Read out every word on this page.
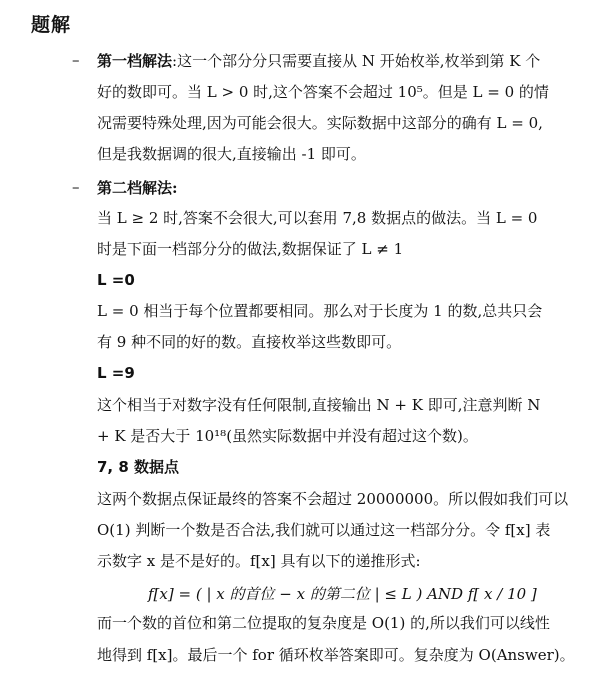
题解
– 第一档解法:这一个部分分只需要直接从 N 开始枚举,枚举到第 K 个
好的数即可。当 L > 0 时,这个答案不会超过 10⁵。但是 L = 0 的情
况需要特殊处理,因为可能会很大。实际数据中这部分的确有 L = 0,
但是我数据调的很大,直接输出 -1 即可。
– 第二档解法:
当 L ≥ 2 时,答案不会很大,可以套用 7,8 数据点的做法。当 L = 0
时是下面一档部分分的做法,数据保证了 L ≠ 1
L =0
L = 0 相当于每个位置都要相同。那么对于长度为 1 的数,总共只会
有 9 种不同的好的数。直接枚举这些数即可。
L =9
这个相当于对数字没有任何限制,直接输出 N + K 即可,注意判断 N
+ K 是否大于 10¹⁸(虽然实际数据中并没有超过这个数)。
7, 8 数据点
这两个数据点保证最终的答案不会超过 20000000。所以假如我们可以
O(1) 判断一个数是否合法,我们就可以通过这一档部分分。令 f[x] 表
示数字 x 是不是好的。f[x] 具有以下的递推形式:
f[x] = ( | x 的首位 − x 的第二位 | ≤ L ) AND f[ x / 10 ]
而一个数的首位和第二位提取的复杂度是 O(1) 的,所以我们可以线性
地得到 f[x]。最后一个 for 循环枚举答案即可。复杂度为 O(Answer)。
